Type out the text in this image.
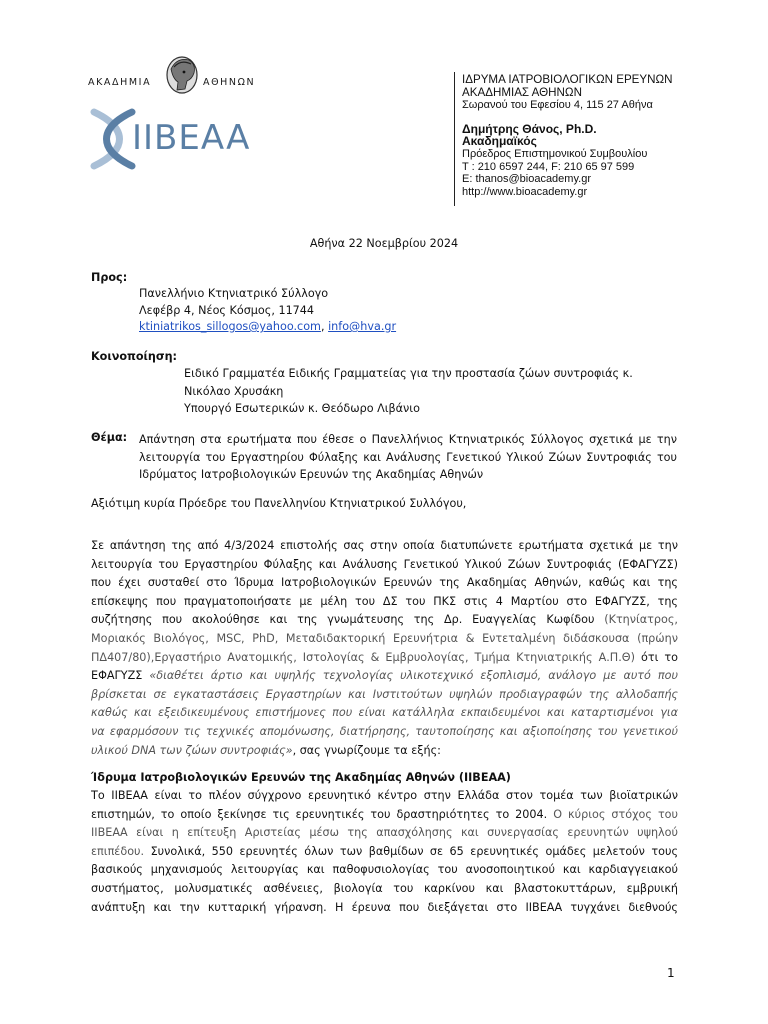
ΑΚΑΔΗΜΙΑ	ΑΘΗΝΩΝ
IIBEAA
ΙΔΡΥΜΑ ΙΑΤΡΟΒΙΟΛΟΓΙΚΩΝ ΕΡΕΥΝΩΝ
ΑΚΑΔΗΜΙΑΣ ΑΘΗΝΩΝ
Σωρανού του Εφεσίου 4, 115 27 Αθήνα
Δημήτρης Θάνος, Ph.D.
Ακαδημαϊκός
Πρόεδρος Επιστημονικού Συμβουλίου
T : 210 6597 244, F: 210 65 97 599
E: thanos@bioacademy.gr
http://www.bioacademy.gr
Αθήνα 22 Νοεμβρίου 2024
Προς:
Πανελλήνιο Κτηνιατρικό Σύλλογο
Λεφέβρ 4, Νέος Κόσμος, 11744
ktiniatrikos_sillogos@yahoo.com, info@hva.gr
Κοινοποίηση:
Ειδικό Γραμματέα Ειδικής Γραμματείας για την προστασία ζώων συντροφιάς κ.
Νικόλαο Χρυσάκη
Υπουργό Εσωτερικών κ. Θεόδωρο Λιβάνιο
Θέμα: Απάντηση στα ερωτήματα που έθεσε ο Πανελλήνιος Κτηνιατρικός Σύλλογος σχετικά με την
λειτουργία του Εργαστηρίου Φύλαξης και Ανάλυσης Γενετικού Υλικού Ζώων Συντροφιάς του
Ιδρύματος Ιατροβιολογικών Ερευνών της Ακαδημίας Αθηνών
Αξιότιμη κυρία Πρόεδρε του Πανελληνίου Κτηνιατρικού Συλλόγου,
Σε απάντηση της από 4/3/2024 επιστολής σας στην οποία διατυπώνετε ερωτήματα σχετικά με την
λειτουργία του Εργαστηρίου Φύλαξης και Ανάλυσης Γενετικού Υλικού Ζώων Συντροφιάς (ΕΦΑΓΥΖΣ)
που έχει συσταθεί στο Ίδρυμα Ιατροβιολογικών Ερευνών της Ακαδημίας Αθηνών, καθώς και της
επίσκεψης που πραγματοποιήσατε με μέλη του ΔΣ του ΠΚΣ στις 4 Μαρτίου στο ΕΦΑΓΥΖΣ, της
συζήτησης που ακολούθησε και της γνωμάτευσης της Δρ. Ευαγγελίας Κωφίδου (Κτηνίατρος,
Μοριακός Βιολόγος, MSC, PhD, Μεταδιδακτορική Ερευνήτρια & Εντεταλμένη διδάσκουσα (πρώην
ΠΔ407/80),Εργαστήριο Ανατομικής, Ιστολογίας & Εμβρυολογίας, Τμήμα Κτηνιατρικής Α.Π.Θ) ότι το
ΕΦΑΓΥΖΣ «διαθέτει άρτιο και υψηλής τεχνολογίας υλικοτεχνικό εξοπλισμό, ανάλογο με αυτό που
βρίσκεται σε εγκαταστάσεις Εργαστηρίων και Ινστιτούτων υψηλών προδιαγραφών της αλλοδαπής
καθώς και εξειδικευμένους επιστήμονες που είναι κατάλληλα εκπαιδευμένοι και καταρτισμένοι για
να εφαρμόσουν τις τεχνικές απομόνωσης, διατήρησης, ταυτοποίησης και αξιοποίησης του γενετικού
υλικού DNA των ζώων συντροφιάς», σας γνωρίζουμε τα εξής:
Ίδρυμα Ιατροβιολογικών Ερευνών της Ακαδημίας Αθηνών (ΙΙΒΕΑΑ)
Το ΙΙΒΕΑΑ είναι το πλέον σύγχρονο ερευνητικό κέντρο στην Ελλάδα στον τομέα των βιοϊατρικών
επιστημών, το οποίο ξεκίνησε τις ερευνητικές του δραστηριότητες το 2004. Ο κύριος στόχος του
ΙΙΒΕΑΑ είναι η επίτευξη Αριστείας μέσω της απασχόλησης και συνεργασίας ερευνητών υψηλού
επιπέδου. Συνολικά, 550 ερευνητές όλων των βαθμίδων σε 65 ερευνητικές ομάδες μελετούν τους
βασικούς μηχανισμούς λειτουργίας και παθοφυσιολογίας του ανοσοποιητικού και καρδιαγγειακού
συστήματος, μολυσματικές ασθένειες, βιολογία του καρκίνου και βλαστοκυττάρων, εμβρυική
ανάπτυξη και την κυτταρική γήρανση. Η έρευνα που διεξάγεται στο ΙΙΒΕΑΑ τυγχάνει διεθνούς
1
